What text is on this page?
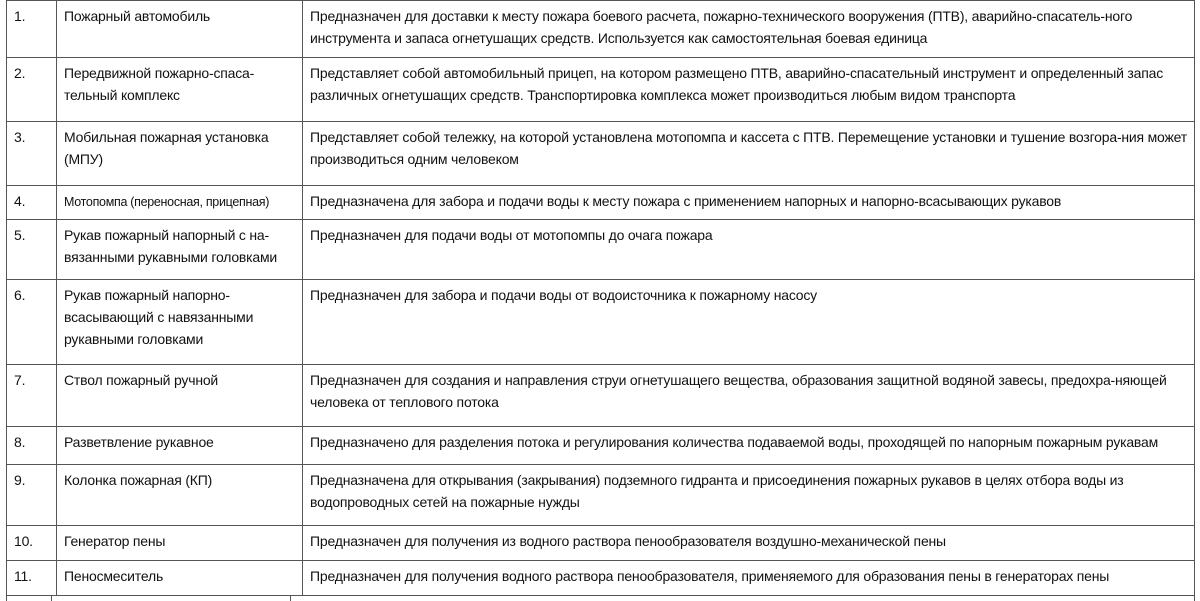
1.	Пожарный автомобиль	Предназначен для доставки к месту пожара боевого расчета, пожарно-технического вооружения (ПТВ), аварийно-спасатель-ного инструмента и запаса огнетушащих средств. Используется как самостоятельная боевая единица
2.	Передвижной пожарно-спаса-тельный комплекс	Представляет собой автомобильный прицеп, на котором размещено ПТВ, аварийно-спасательный инструмент и определенный запас различных огнетушащих средств. Транспортировка комплекса может производиться любым видом транспорта
3.	Мобильная пожарная установка (МПУ)	Представляет собой тележку, на которой установлена мотопомпа и кассета с ПТВ. Перемещение установки и тушение возгора-ния может производиться одним человеком
4.	Мотопомпа (переносная, прицепная)	Предназначена для забора и подачи воды к месту пожара с применением напорных и напорно-всасывающих рукавов
5.	Рукав пожарный напорный с на-вязанными рукавными головками	Предназначен для подачи воды от мотопомпы до очага пожара
6.	Рукав пожарный напорно-всасывающий с навязанными рукавными головками	Предназначен для забора и подачи воды от водоисточника к пожарному насосу
7.	Ствол пожарный ручной	Предназначен для создания и направления струи огнетушащего вещества, образования защитной водяной завесы, предохра-няющей человека от теплового потока
8.	Разветвление рукавное	Предназначено для разделения потока и регулирования количества подаваемой воды, проходящей по напорным пожарным рукавам
9.	Колонка пожарная (КП)	Предназначена для открывания (закрывания) подземного гидранта и присоединения пожарных рукавов в целях отбора воды из водопроводных сетей на пожарные нужды
10.	Генератор пены	Предназначен для получения из водного раствора пенообразователя воздушно-механической пены
11.	Пеносмеситель	Предназначен для получения водного раствора пенообразователя, применяемого для образования пены в генераторах пены
